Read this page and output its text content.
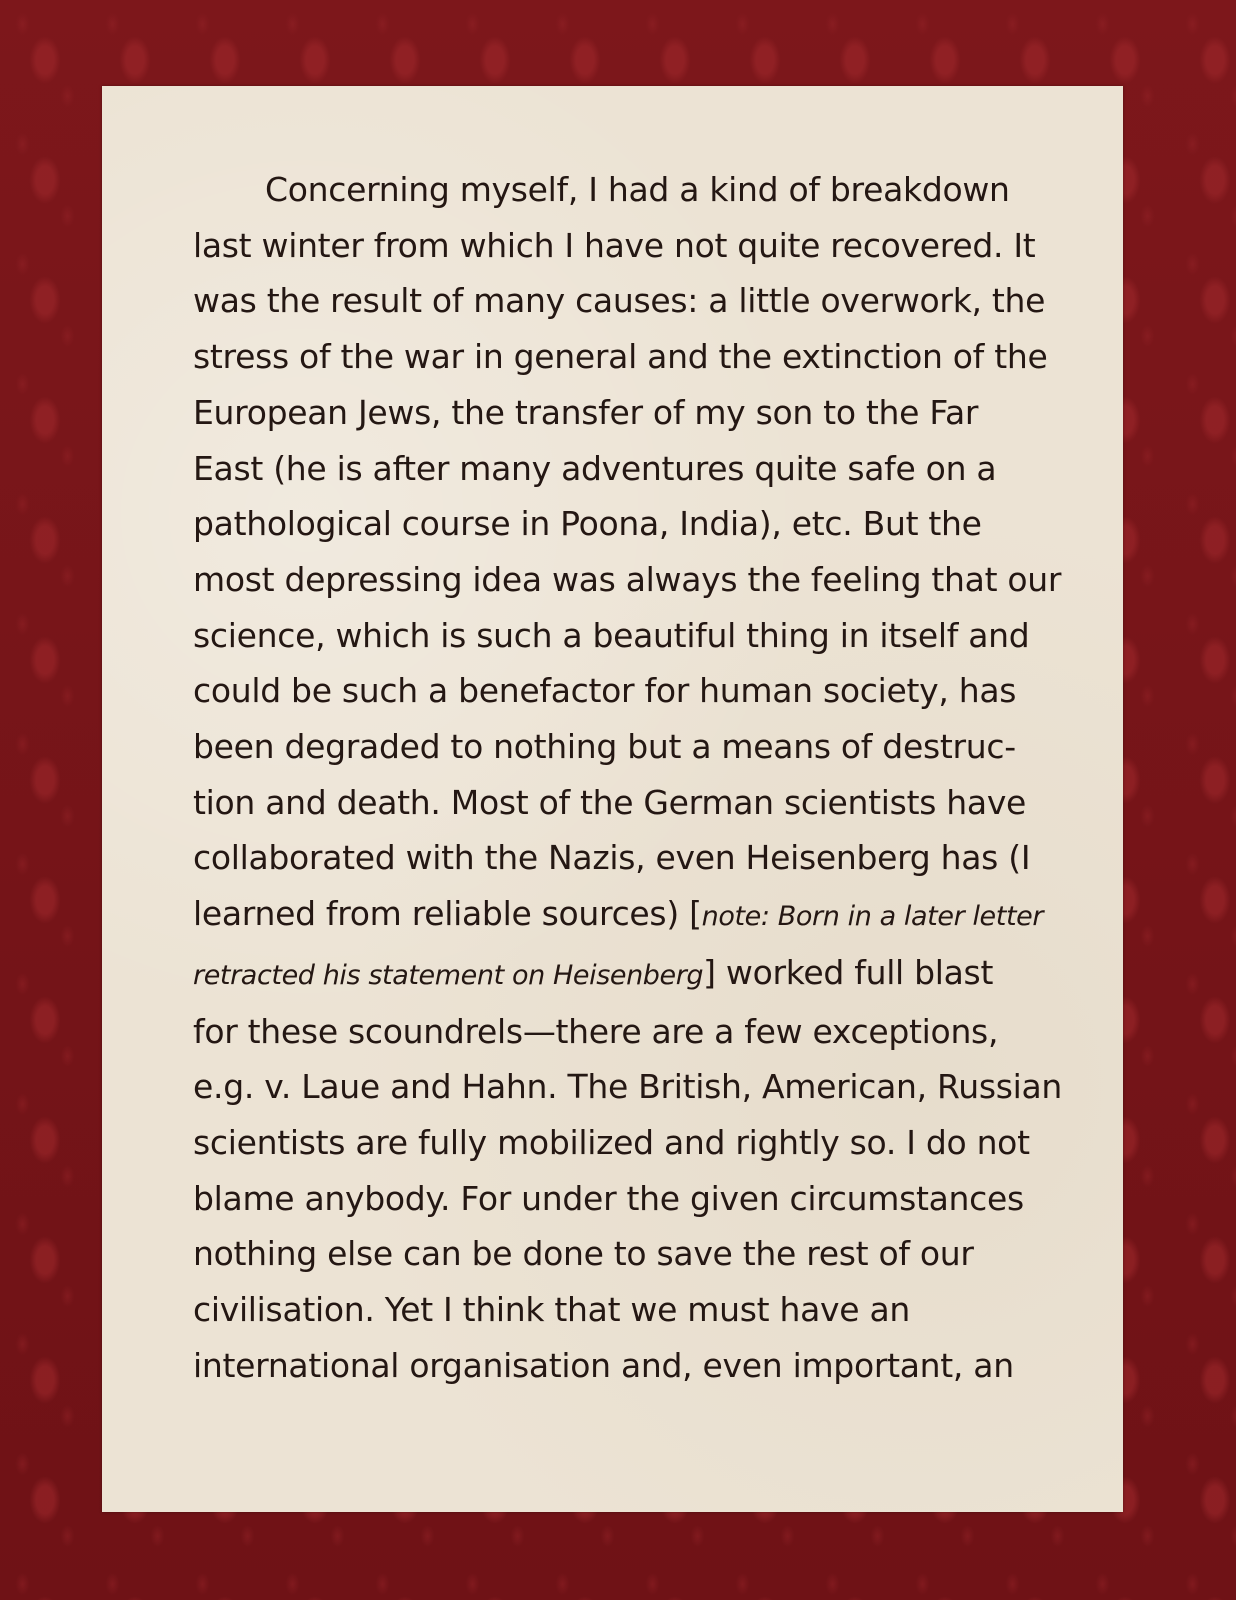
Concerning myself, I had a kind of breakdown
last winter from which I have not quite recovered. It
was the result of many causes: a little overwork, the
stress of the war in general and the extinction of the
European Jews, the transfer of my son to the Far
East (he is after many adventures quite safe on a
pathological course in Poona, India), etc. But the
most depressing idea was always the feeling that our
science, which is such a beautiful thing in itself and
could be such a benefactor for human society, has
been degraded to nothing but a means of destruc-
tion and death. Most of the German scientists have
collaborated with the Nazis, even Heisenberg has (I
learned from reliable sources) [note: Born in a later letter
retracted his statement on Heisenberg] worked full blast
for these scoundrels—there are a few exceptions,
e.g. v. Laue and Hahn. The British, American, Russian
scientists are fully mobilized and rightly so. I do not
blame anybody. For under the given circumstances
nothing else can be done to save the rest of our
civilisation. Yet I think that we must have an
international organisation and, even important, an
